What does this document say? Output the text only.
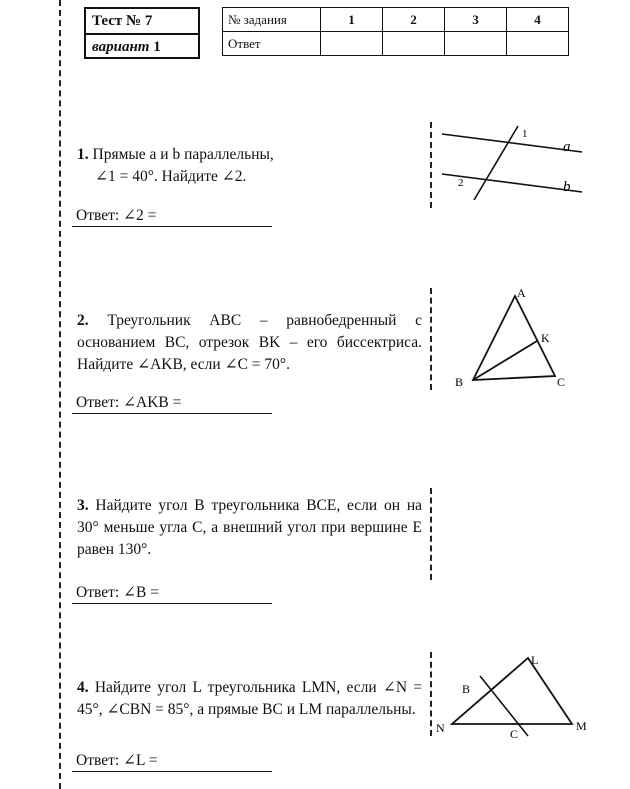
Тест № 7
вариант 1
№ задания	1	2	3	4
Ответ				

1. Прямые a и b параллельны,

∠1 = 40°. Найдите ∠2.

Ответ: ∠2 =
1
2
a
b

2. Треугольник ABC – равнобедренный с основанием BC, отрезок BK – его биссектриса. Найдите ∠AKB, если ∠C = 70°.

Ответ: ∠AKB =
A
K
B	C

3. Найдите угол B треугольника BCE, если он на 30° меньше угла C, а внешний угол при вершине E равен 130°.

Ответ: ∠B =

4. Найдите угол L треугольника LMN, если ∠N = 45°, ∠CBN = 85°, а прямые BC и LM параллельны.

Ответ: ∠L =
L
B
N	C
M
